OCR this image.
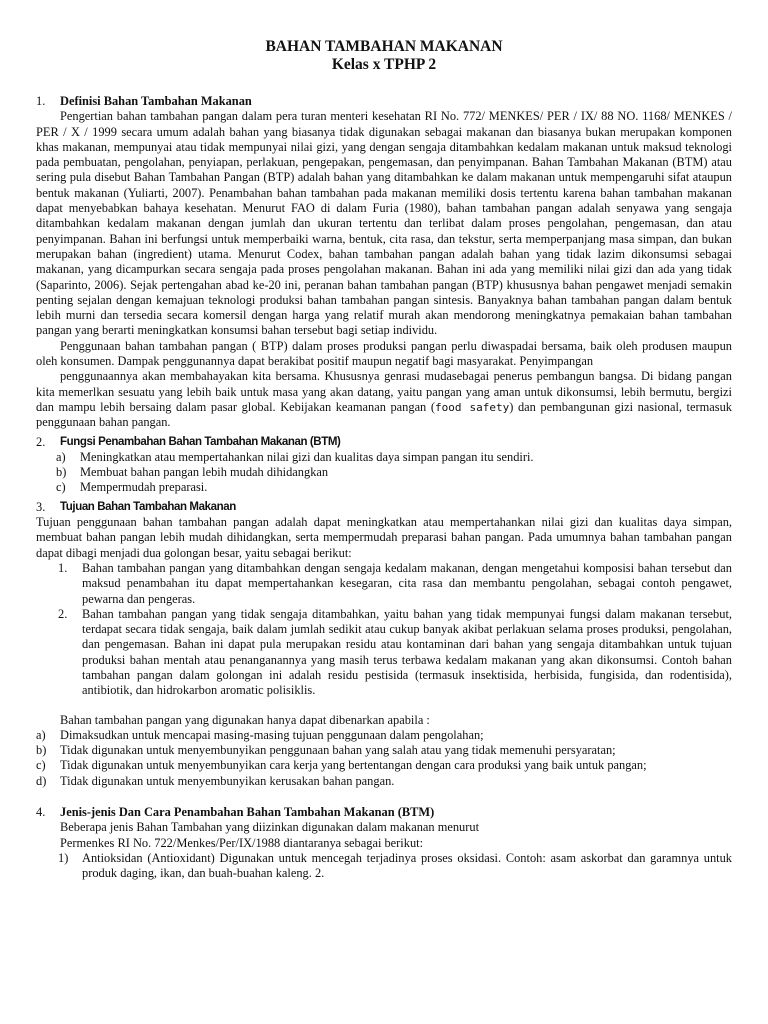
BAHAN TAMBAHAN MAKANAN
Kelas x TPHP 2
1.	Definisi Bahan Tambahan Makanan
Pengertian bahan tambahan pangan dalam pera turan menteri kesehatan RI No. 772/ MENKES/ PER / IX/ 88 NO. 1168/ MENKES / PER / X / 1999 secara umum adalah bahan yang biasanya tidak digunakan sebagai makanan dan biasanya bukan merupakan komponen khas makanan, mempunyai atau tidak mempunyai nilai gizi, yang dengan sengaja ditambahkan kedalam makanan untuk maksud teknologi pada pembuatan, pengolahan, penyiapan, perlakuan, pengepakan, pengemasan, dan penyimpanan. Bahan Tambahan Makanan (BTM) atau sering pula disebut Bahan Tambahan Pangan (BTP) adalah bahan yang ditambahkan ke dalam makanan untuk mempengaruhi sifat ataupun bentuk makanan (Yuliarti, 2007). Penambahan bahan tambahan pada makanan memiliki dosis tertentu karena bahan tambahan makanan dapat menyebabkan bahaya kesehatan. Menurut FAO di dalam Furia (1980), bahan tambahan pangan adalah senyawa yang sengaja ditambahkan kedalam makanan dengan jumlah dan ukuran tertentu dan terlibat dalam proses pengolahan, pengemasan, dan atau penyimpanan. Bahan ini berfungsi untuk memperbaiki warna, bentuk, cita rasa, dan tekstur, serta memperpanjang masa simpan, dan bukan merupakan bahan (ingredient) utama. Menurut Codex, bahan tambahan pangan adalah bahan yang tidak lazim dikonsumsi sebagai makanan, yang dicampurkan secara sengaja pada proses pengolahan makanan. Bahan ini ada yang memiliki nilai gizi dan ada yang tidak (Saparinto, 2006). Sejak pertengahan abad ke-20 ini, peranan bahan tambahan pangan (BTP) khususnya bahan pengawet menjadi semakin penting sejalan dengan kemajuan teknologi produksi bahan tambahan pangan sintesis. Banyaknya bahan tambahan pangan dalam bentuk lebih murni dan tersedia secara komersil dengan harga yang relatif murah akan mendorong meningkatnya pemakaian bahan tambahan pangan yang berarti meningkatkan konsumsi bahan tersebut bagi setiap individu.
Penggunaan bahan tambahan pangan ( BTP) dalam proses produksi pangan perlu diwaspadai bersama, baik oleh produsen maupun oleh konsumen. Dampak penggunannya dapat berakibat positif maupun negatif bagi masyarakat. Penyimpangan
penggunaannya akan membahayakan kita bersama. Khususnya genrasi mudasebagai penerus pembangun bangsa. Di bidang pangan kita memerlkan sesuatu yang lebih baik untuk masa yang akan datang, yaitu pangan yang aman untuk dikonsumsi, lebih bermutu, bergizi dan mampu lebih bersaing dalam pasar global. Kebijakan keamanan pangan (food safety) dan pembangunan gizi nasional, termasuk penggunaan bahan pangan.
2.	Fungsi Penambahan Bahan Tambahan Makanan (BTM)
a)	Meningkatkan atau mempertahankan nilai gizi dan kualitas daya simpan pangan itu sendiri.
b)	Membuat bahan pangan lebih mudah dihidangkan
c)	Mempermudah preparasi.
3.	Tujuan Bahan Tambahan Makanan
Tujuan penggunaan bahan tambahan pangan adalah dapat meningkatkan atau mempertahankan nilai gizi dan kualitas daya simpan, membuat bahan pangan lebih mudah dihidangkan, serta mempermudah preparasi bahan pangan. Pada umumnya bahan tambahan pangan dapat dibagi menjadi dua golongan besar, yaitu sebagai berikut:
1.	Bahan tambahan pangan yang ditambahkan dengan sengaja kedalam makanan, dengan mengetahui komposisi bahan tersebut dan maksud penambahan itu dapat mempertahankan kesegaran, cita rasa dan membantu pengolahan, sebagai contoh pengawet, pewarna dan pengeras.
2.	Bahan tambahan pangan yang tidak sengaja ditambahkan, yaitu bahan yang tidak mempunyai fungsi dalam makanan tersebut, terdapat secara tidak sengaja, baik dalam jumlah sedikit atau cukup banyak akibat perlakuan selama proses produksi, pengolahan, dan pengemasan. Bahan ini dapat pula merupakan residu atau kontaminan dari bahan yang sengaja ditambahkan untuk tujuan produksi bahan mentah atau penanganannya yang masih terus terbawa kedalam makanan yang akan dikonsumsi. Contoh bahan tambahan pangan dalam golongan ini adalah residu pestisida (termasuk insektisida, herbisida, fungisida, dan rodentisida), antibiotik, dan hidrokarbon aromatic polisiklis.
Bahan tambahan pangan yang digunakan hanya dapat dibenarkan apabila :
a)	Dimaksudkan untuk mencapai masing-masing tujuan penggunaan dalam pengolahan;
b)	Tidak digunakan untuk menyembunyikan penggunaan bahan yang salah atau yang tidak memenuhi persyaratan;
c)	Tidak digunakan untuk menyembunyikan cara kerja yang bertentangan dengan cara produksi yang baik untuk pangan;
d)	Tidak digunakan untuk menyembunyikan kerusakan bahan pangan.
4.	Jenis-jenis Dan Cara Penambahan Bahan Tambahan Makanan (BTM)
Beberapa jenis Bahan Tambahan yang diizinkan digunakan dalam makanan menurut
Permenkes RI No. 722/Menkes/Per/IX/1988 diantaranya sebagai berikut:
1)	Antioksidan (Antioxidant) Digunakan untuk mencegah terjadinya proses oksidasi. Contoh: asam askorbat dan garamnya untuk produk daging, ikan, dan buah-buahan kaleng. 2.
